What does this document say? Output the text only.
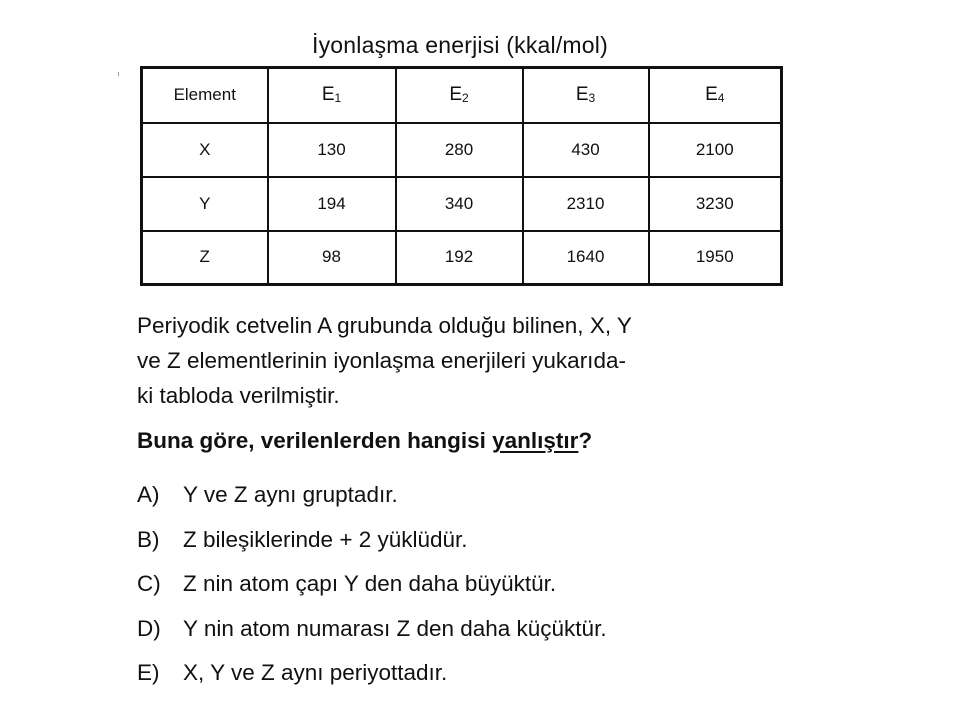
İyonlaşma enerjisi (kkal/mol)
Element	$E_1$	$E_2$	$E_3$	$E_4$
X	130	280	430	2100
Y	194	340	2310	3230
Z	98	192	1640	1950

Periyodik cetvelin A grubunda olduğu bilinen, X, Y
ve Z elementlerinin iyonlaşma enerjileri yukarıda-
ki tabloda verilmiştir.

Buna göre, verilenlerden hangisi yanlıştır?

A) Y ve Z aynı gruptadır.
B) Z bileşiklerinde + 2 yüklüdür.
C) Z nin atom çapı Y den daha büyüktür.
D) Y nin atom numarası Z den daha küçüktür.
E) X, Y ve Z aynı periyottadır.
